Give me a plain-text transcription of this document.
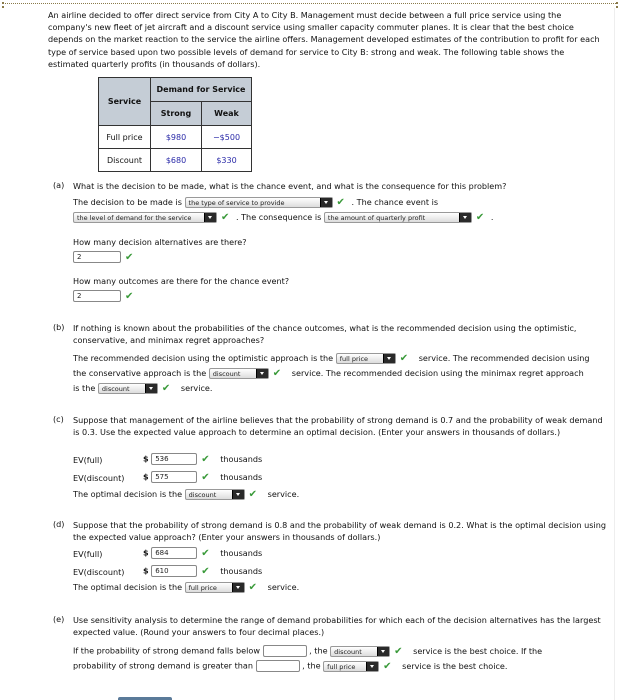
An airline decided to offer direct service from City A to City B. Management must decide between a full price service using the company's new fleet of jet aircraft and a discount service using smaller capacity commuter planes. It is clear that the best choice depends on the market reaction to the service the airline offers. Management developed estimates of the contribution to profit for each type of service based upon two possible levels of demand for service to City B: strong and weak. The following table shows the estimated quarterly profits (in thousands of dollars).

Service	Demand for Service	
	Strong	Weak
Full price	$980	−$500
Discount	$680	$330
(a) What is the decision to be made, what is the chance event, and what is the consequence for this problem?
The decision to be made is the type of service to provide	✔ . The chance event is
the level of demand for the service	✔ . The consequence is the amount of quarterly profit	✔ .
How many decision alternatives are there?
2	✔
How many outcomes are there for the chance event?
2	✔
(b) If nothing is known about the probabilities of the chance outcomes, what is the recommended decision using the optimistic, conservative, and minimax regret approaches?
The recommended decision using the optimistic approach is the full price	✔ service. The recommended decision using
the conservative approach is the discount	✔ service. The recommended decision using the minimax regret approach
is the discount	✔ service.
(c) Suppose that management of the airline believes that the probability of strong demand is 0.7 and the probability of weak demand is 0.3. Use the expected value approach to determine an optimal decision. (Enter your answers in thousands of dollars.)
EV(full)	$ 536	✔ thousands
EV(discount) $ 575	✔ thousands
The optimal decision is the discount	✔ service.
(d) Suppose that the probability of strong demand is 0.8 and the probability of weak demand is 0.2. What is the optimal decision using the expected value approach? (Enter your answers in thousands of dollars.)
EV(full)	$ 684	✔ thousands
EV(discount) $ 610	✔ thousands
The optimal decision is the full price	✔ service.
(e) Use sensitivity analysis to determine the range of demand probabilities for which each of the decision alternatives has the largest expected value. (Round your answers to four decimal places.)
If the probability of strong demand falls below	, the discount	✔ service is the best choice. If the
probability of strong demand is greater than	, the full price	✔ service is the best choice.
